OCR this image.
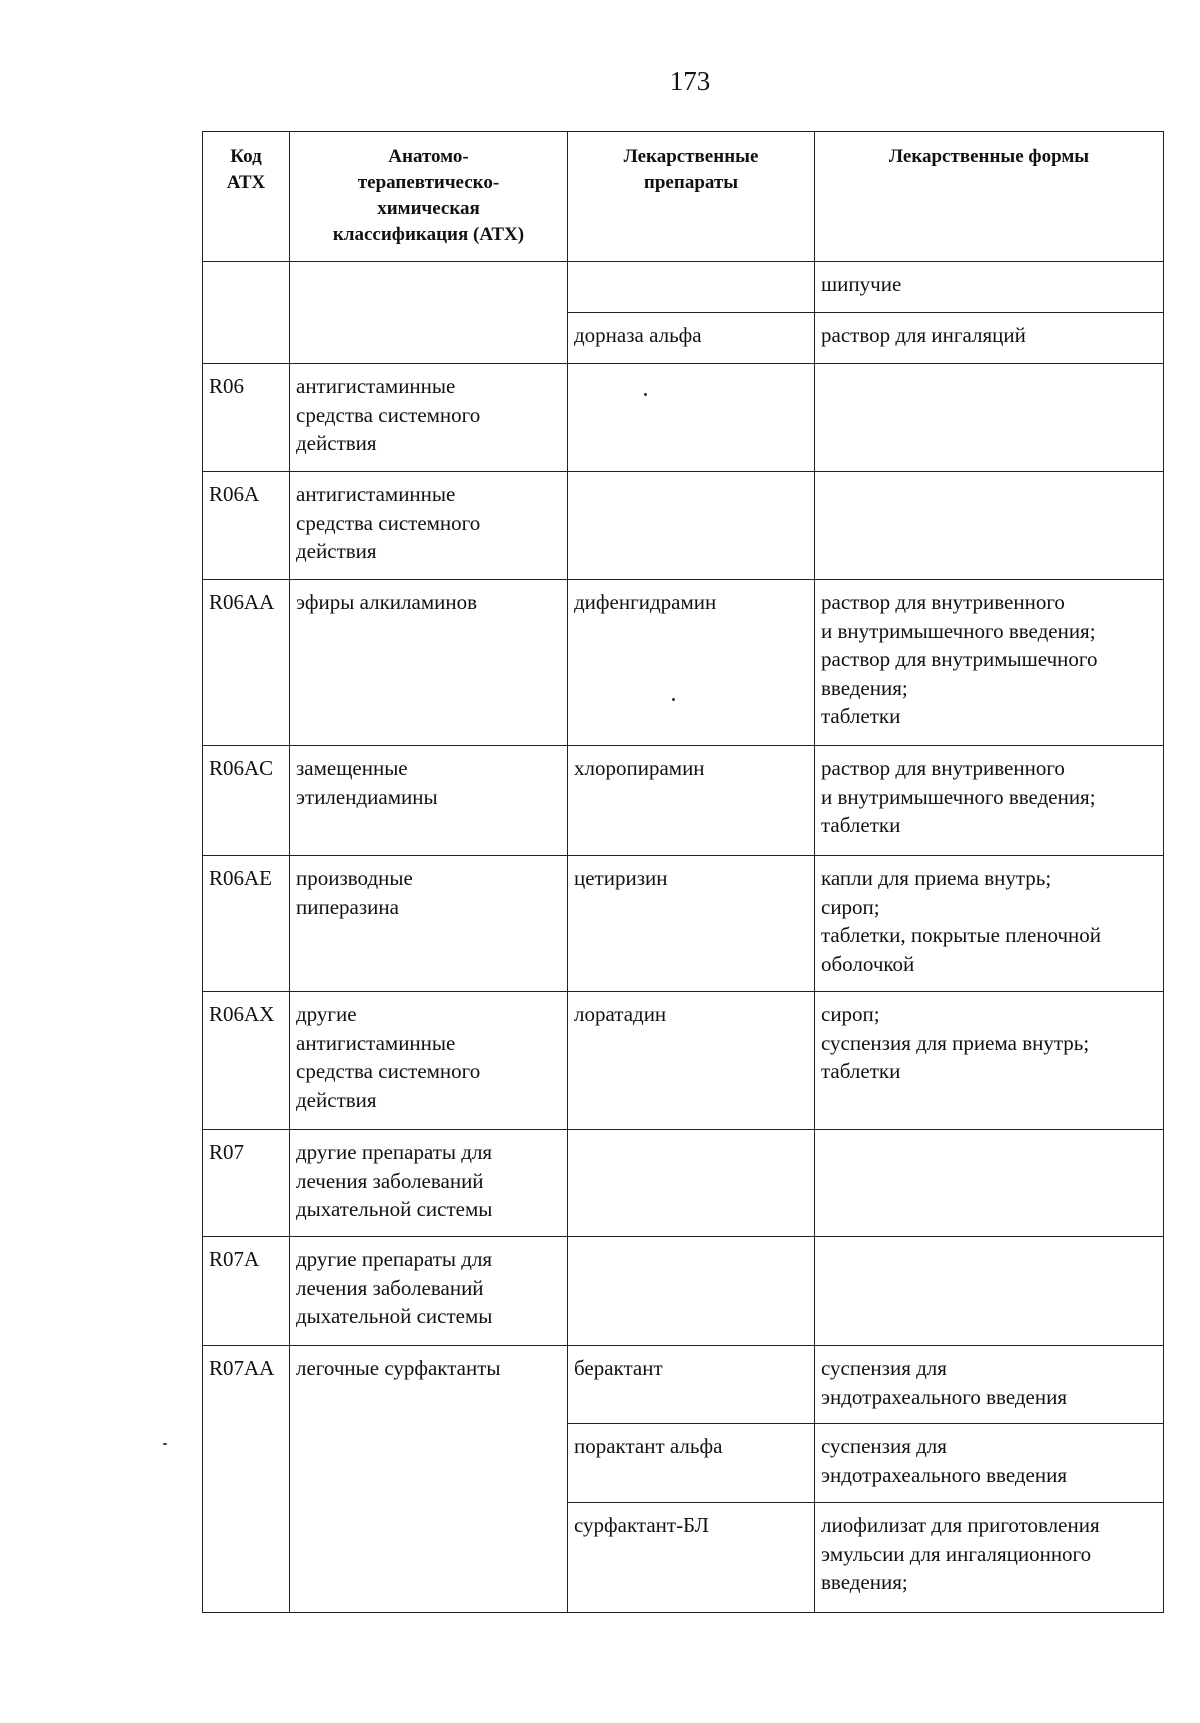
173
Код
АТХ	Анатомо-
терапевтическо-
химическая
классификация (АТХ)	Лекарственные
препараты	Лекарственные формы
			шипучие
		дорназа альфа	раствор для ингаляций
R06	антигистаминные
средства системного
действия		
R06A	антигистаминные
средства системного
действия		
R06AA	эфиры алкиламинов	дифенгидрамин	раствор для внутривенного
и внутримышечного введения;
раствор для внутримышечного
введения;
таблетки
R06AC	замещенные
этилендиамины	хлоропирамин	раствор для внутривенного
и внутримышечного введения;
таблетки
R06AE	производные
пиперазина	цетиризин	капли для приема внутрь;
сироп;
таблетки, покрытые пленочной
оболочкой
R06AX	другие
антигистаминные
средства системного
действия	лоратадин	сироп;
суспензия для приема внутрь;
таблетки
R07	другие препараты для
лечения заболеваний
дыхательной системы		
R07A	другие препараты для
лечения заболеваний
дыхательной системы		
R07AA	легочные сурфактанты	берактант	суспензия для
эндотрахеального введения
		порактант альфа	суспензия для
эндотрахеального введения
		сурфактант-БЛ	лиофилизат для приготовления
эмульсии для ингаляционного
введения;
